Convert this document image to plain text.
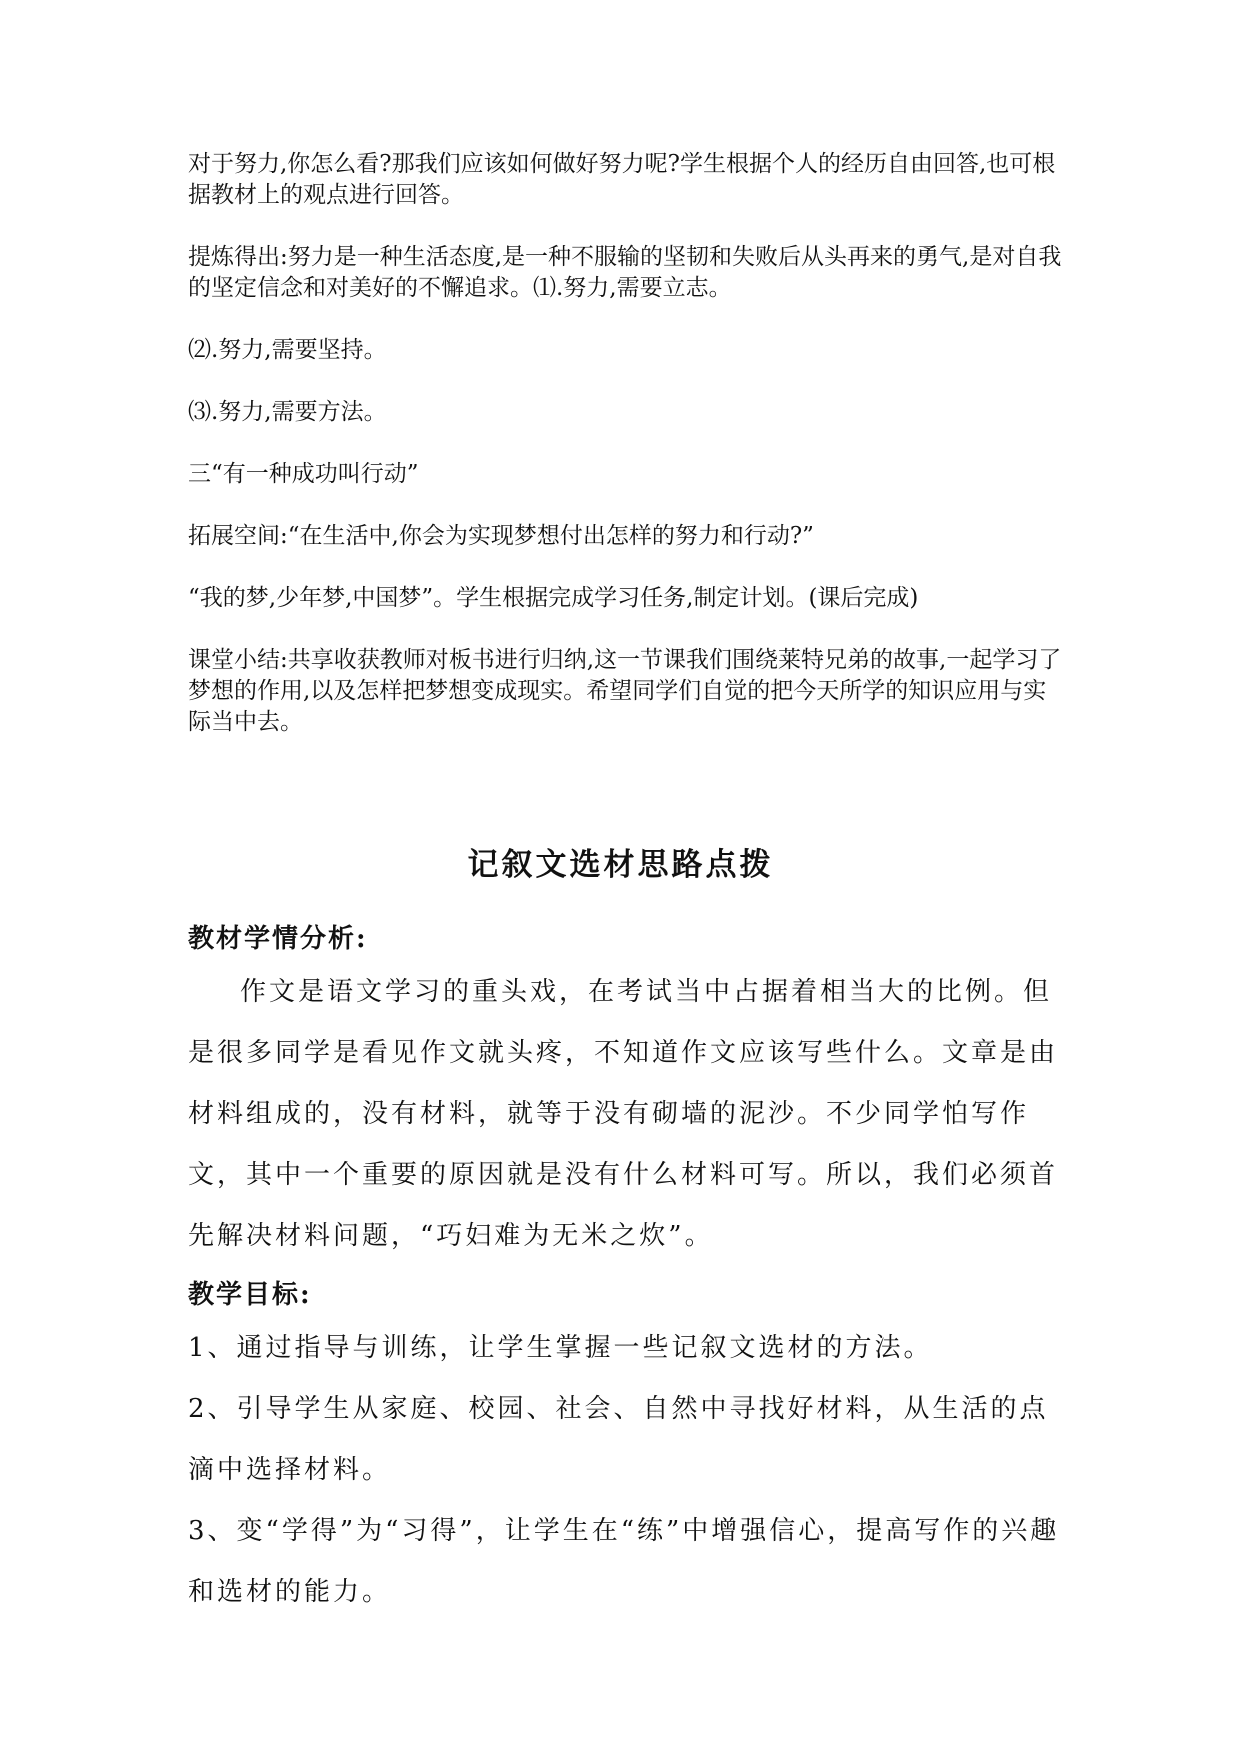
对于努力,你怎么看?那我们应该如何做好努力呢?学生根据个人的经历自由回答,也可根据教材上的观点进行回答。

提炼得出:努力是一种生活态度,是一种不服输的坚韧和失败后从头再来的勇气,是对自我的坚定信念和对美好的不懈追求。⑴.努力,需要立志。

⑵.努力,需要坚持。

⑶.努力,需要方法。

三“有一种成功叫行动”

拓展空间:“在生活中,你会为实现梦想付出怎样的努力和行动?”

“我的梦,少年梦,中国梦”。学生根据完成学习任务,制定计划。(课后完成)

课堂小结:共享收获教师对板书进行归纳,这一节课我们围绕莱特兄弟的故事,一起学习了梦想的作用,以及怎样把梦想变成现实。希望同学们自觉的把今天所学的知识应用与实际当中去。

记叙文选材思路点拨

教材学情分析:

作文是语文学习的重头戏，在考试当中占据着相当大的比例。但是很多同学是看见作文就头疼，不知道作文应该写些什么。文章是由材料组成的，没有材料，就等于没有砌墙的泥沙。不少同学怕写作文，其中一个重要的原因就是没有什么材料可写。所以，我们必须首先解决材料问题，“巧妇难为无米之炊”。

教学目标:

1、通过指导与训练，让学生掌握一些记叙文选材的方法。

2、引导学生从家庭、校园、社会、自然中寻找好材料，从生活的点滴中选择材料。

3、变“学得”为“习得”，让学生在“练”中增强信心，提高写作的兴趣和选材的能力。
